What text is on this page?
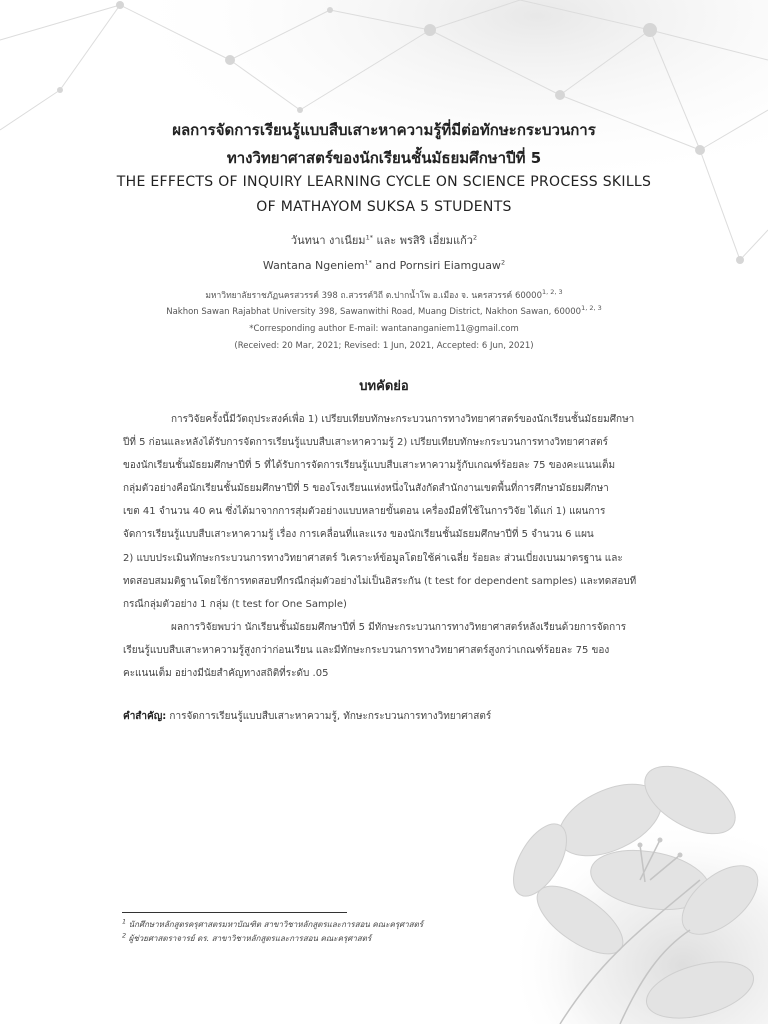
ผลการจัดการเรียนรู้แบบสืบเสาะหาความรู้ที่มีต่อทักษะกระบวนการ
ทางวิทยาศาสตร์ของนักเรียนชั้นมัธยมศึกษาปีที่ 5
THE EFFECTS OF INQUIRY LEARNING CYCLE ON SCIENCE PROCESS SKILLS
OF MATHAYOM SUKSA 5 STUDENTS
วันทนา งาเนียม$^{1*}$ และ พรสิริ เอี่ยมแก้ว$^2$
Wantana Ngeniem$^{1*}$ and Pornsiri Eiamguaw$^2$
มหาวิทยาลัยราชภัฏนครสวรรค์ 398 ถ.สวรรค์วิถี ต.ปากน้ำโพ อ.เมือง จ. นครสวรรค์ 60000$^{1, 2, 3}$
Nakhon Sawan Rajabhat University 398, Sawanwithi Road, Muang District, Nakhon Sawan, 60000$^{1, 2, 3}$
*Corresponding author E-mail: wantananganiem11@gmail.com
(Received: 20 Mar, 2021; Revised: 1 Jun, 2021, Accepted: 6 Jun, 2021)
บทคัดย่อ
การวิจัยครั้งนี้มีวัตถุประสงค์เพื่อ 1) เปรียบเทียบทักษะกระบวนการทางวิทยาศาสตร์ของนักเรียนชั้นมัธยมศึกษา
ปีที่ 5 ก่อนและหลังได้รับการจัดการเรียนรู้แบบสืบเสาะหาความรู้ 2) เปรียบเทียบทักษะกระบวนการทางวิทยาศาสตร์
ของนักเรียนชั้นมัธยมศึกษาปีที่ 5 ที่ได้รับการจัดการเรียนรู้แบบสืบเสาะหาความรู้กับเกณฑ์ร้อยละ 75 ของคะแนนเต็ม
กลุ่มตัวอย่างคือนักเรียนชั้นมัธยมศึกษาปีที่ 5 ของโรงเรียนแห่งหนึ่งในสังกัดสำนักงานเขตพื้นที่การศึกษามัธยมศึกษา
เขต 41 จำนวน 40 คน ซึ่งได้มาจากการสุ่มตัวอย่างแบบหลายขั้นตอน เครื่องมือที่ใช้ในการวิจัย ได้แก่ 1) แผนการ
จัดการเรียนรู้แบบสืบเสาะหาความรู้ เรื่อง การเคลื่อนที่และแรง ของนักเรียนชั้นมัธยมศึกษาปีที่ 5 จำนวน 6 แผน
2) แบบประเมินทักษะกระบวนการทางวิทยาศาสตร์ วิเคราะห์ข้อมูลโดยใช้ค่าเฉลี่ย ร้อยละ ส่วนเบี่ยงเบนมาตรฐาน และ
ทดสอบสมมติฐานโดยใช้การทดสอบทีกรณีกลุ่มตัวอย่างไม่เป็นอิสระกัน (t test for dependent samples) และทดสอบที
กรณีกลุ่มตัวอย่าง 1 กลุ่ม (t test for One Sample)
ผลการวิจัยพบว่า นักเรียนชั้นมัธยมศึกษาปีที่ 5 มีทักษะกระบวนการทางวิทยาศาสตร์หลังเรียนด้วยการจัดการ
เรียนรู้แบบสืบเสาะหาความรู้สูงกว่าก่อนเรียน และมีทักษะกระบวนการทางวิทยาศาสตร์สูงกว่าเกณฑ์ร้อยละ 75 ของ
คะแนนเต็ม อย่างมีนัยสำคัญทางสถิติที่ระดับ .05
คำสำคัญ: การจัดการเรียนรู้แบบสืบเสาะหาความรู้, ทักษะกระบวนการทางวิทยาศาสตร์
$^1$ นักศึกษาหลักสูตรครุศาสตรมหาบัณฑิต สาขาวิชาหลักสูตรและการสอน คณะครุศาสตร์
$^2$ ผู้ช่วยศาสตราจารย์ ดร. สาขาวิชาหลักสูตรและการสอน คณะครุศาสตร์
